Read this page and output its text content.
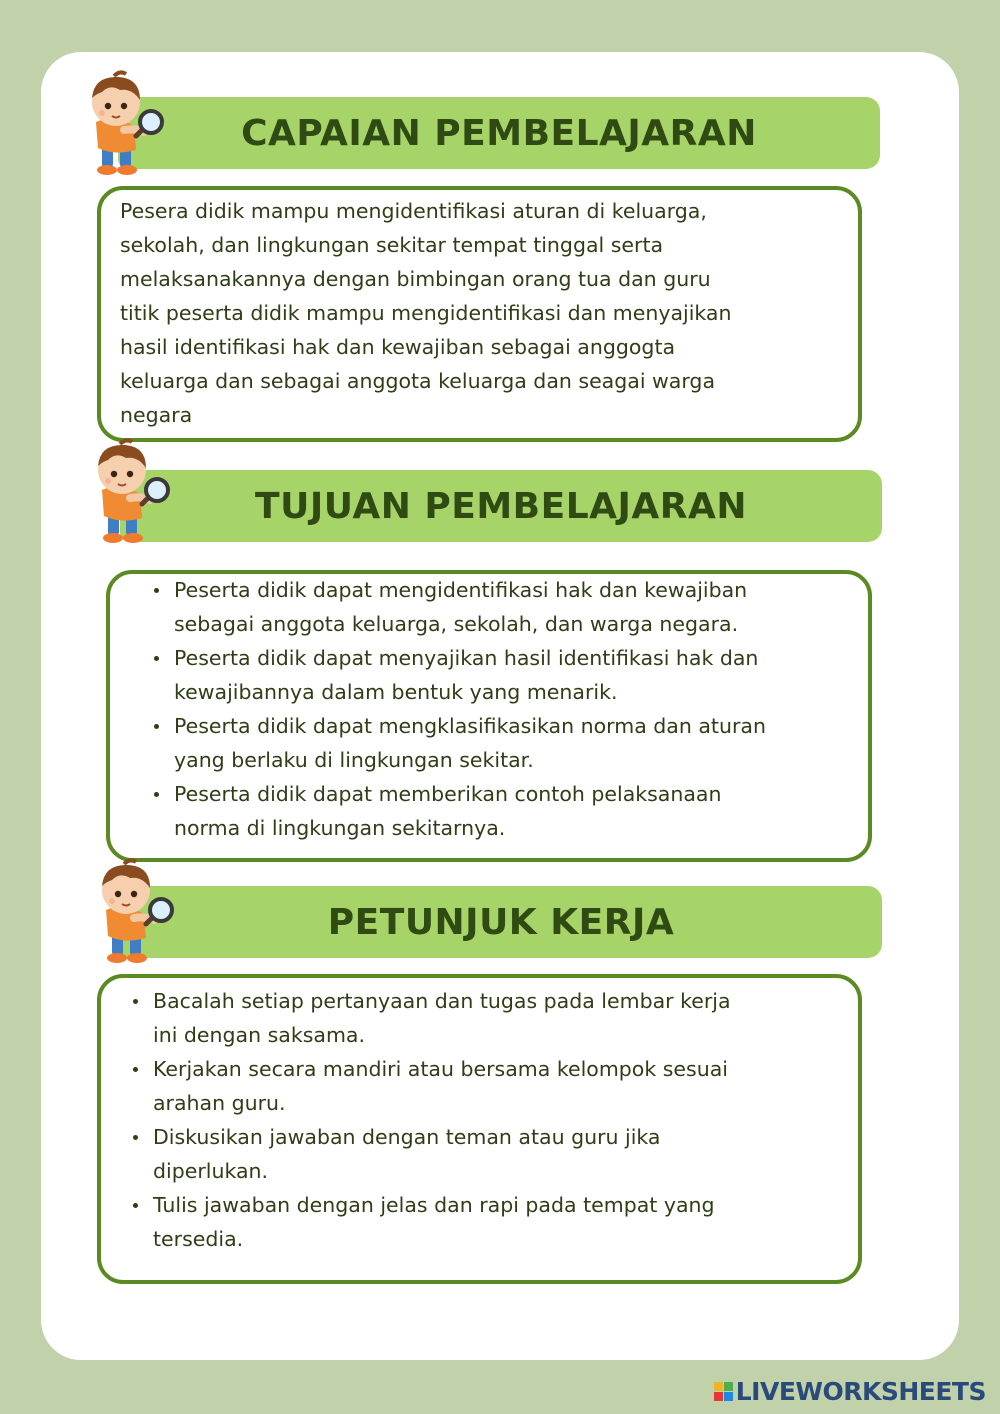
CAPAIAN PEMBELAJARAN

Pesera didik mampu mengidentifikasi aturan di keluarga,
sekolah, dan lingkungan sekitar tempat tinggal serta
melaksanakannya dengan bimbingan orang tua dan guru
titik peserta didik mampu mengidentifikasi dan menyajikan
hasil identifikasi hak dan kewajiban sebagai anggogta
keluarga dan sebagai anggota keluarga dan seagai warga
negara

TUJUAN PEMBELAJARAN
Peserta didik dapat mengidentifikasi hak dan kewajiban
sebagai anggota keluarga, sekolah, dan warga negara.
Peserta didik dapat menyajikan hasil identifikasi hak dan
kewajibannya dalam bentuk yang menarik.
Peserta didik dapat mengklasifikasikan norma dan aturan
yang berlaku di lingkungan sekitar.
Peserta didik dapat memberikan contoh pelaksanaan
norma di lingkungan sekitarnya.
PETUNJUK KERJA
Bacalah setiap pertanyaan dan tugas pada lembar kerja
ini dengan saksama.
Kerjakan secara mandiri atau bersama kelompok sesuai
arahan guru.
Diskusikan jawaban dengan teman atau guru jika
diperlukan.
Tulis jawaban dengan jelas dan rapi pada tempat yang
tersedia.
LIVEWORKSHEETS
